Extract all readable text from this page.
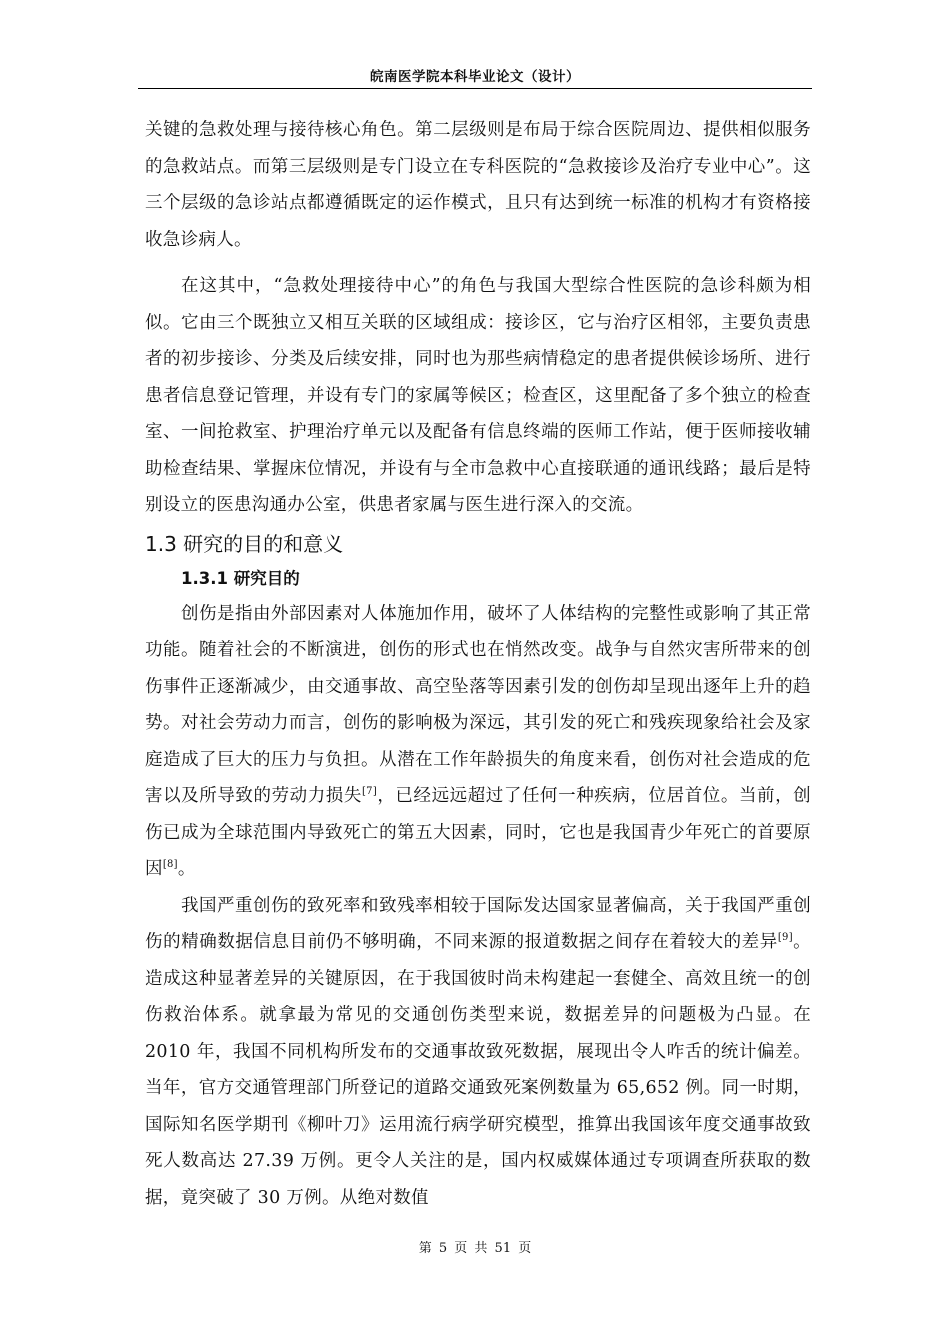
皖南医学院本科毕业论文（设计）

关键的急救处理与接待核心角色。第二层级则是布局于综合医院周边、提供相似服务的急救站点。而第三层级则是专门设立在专科医院的“急救接诊及治疗专业中心”。这三个层级的急诊站点都遵循既定的运作模式，且只有达到统一标准的机构才有资格接收急诊病人。

在这其中，“急救处理接待中心”的角色与我国大型综合性医院的急诊科颇为相似。它由三个既独立又相互关联的区域组成：接诊区，它与治疗区相邻，主要负责患者的初步接诊、分类及后续安排，同时也为那些病情稳定的患者提供候诊场所、进行患者信息登记管理，并设有专门的家属等候区；检查区，这里配备了多个独立的检查室、一间抢救室、护理治疗单元以及配备有信息终端的医师工作站，便于医师接收辅助检查结果、掌握床位情况，并设有与全市急救中心直接联通的通讯线路；最后是特别设立的医患沟通办公室，供患者家属与医生进行深入的交流。

1.3 研究的目的和意义
1.3.1 研究目的

创伤是指由外部因素对人体施加作用，破坏了人体结构的完整性或影响了其正常功能。随着社会的不断演进，创伤的形式也在悄然改变。战争与自然灾害所带来的创伤事件正逐渐减少，由交通事故、高空坠落等因素引发的创伤却呈现出逐年上升的趋势。对社会劳动力而言，创伤的影响极为深远，其引发的死亡和残疾现象给社会及家庭造成了巨大的压力与负担。从潜在工作年龄损失的角度来看，创伤对社会造成的危害以及所导致的劳动力损失[7]，已经远远超过了任何一种疾病，位居首位。当前，创伤已成为全球范围内导致死亡的第五大因素，同时，它也是我国青少年死亡的首要原因[8]。

我国严重创伤的致死率和致残率相较于国际发达国家显著偏高，关于我国严重创伤的精确数据信息目前仍不够明确，不同来源的报道数据之间存在着较大的差异[9]。造成这种显著差异的关键原因，在于我国彼时尚未构建起一套健全、高效且统一的创伤救治体系。就拿最为常见的交通创伤类型来说，数据差异的问题极为凸显。在 2010 年，我国不同机构所发布的交通事故致死数据，展现出令人咋舌的统计偏差。当年，官方交通管理部门所登记的道路交通致死案例数量为 65,652 例。同一时期，国际知名医学期刊《柳叶刀》运用流行病学研究模型，推算出我国该年度交通事故致死人数高达 27.39 万例。更令人关注的是，国内权威媒体通过专项调查所获取的数据，竟突破了 30 万例。从绝对数值

第 5 页 共 51 页
